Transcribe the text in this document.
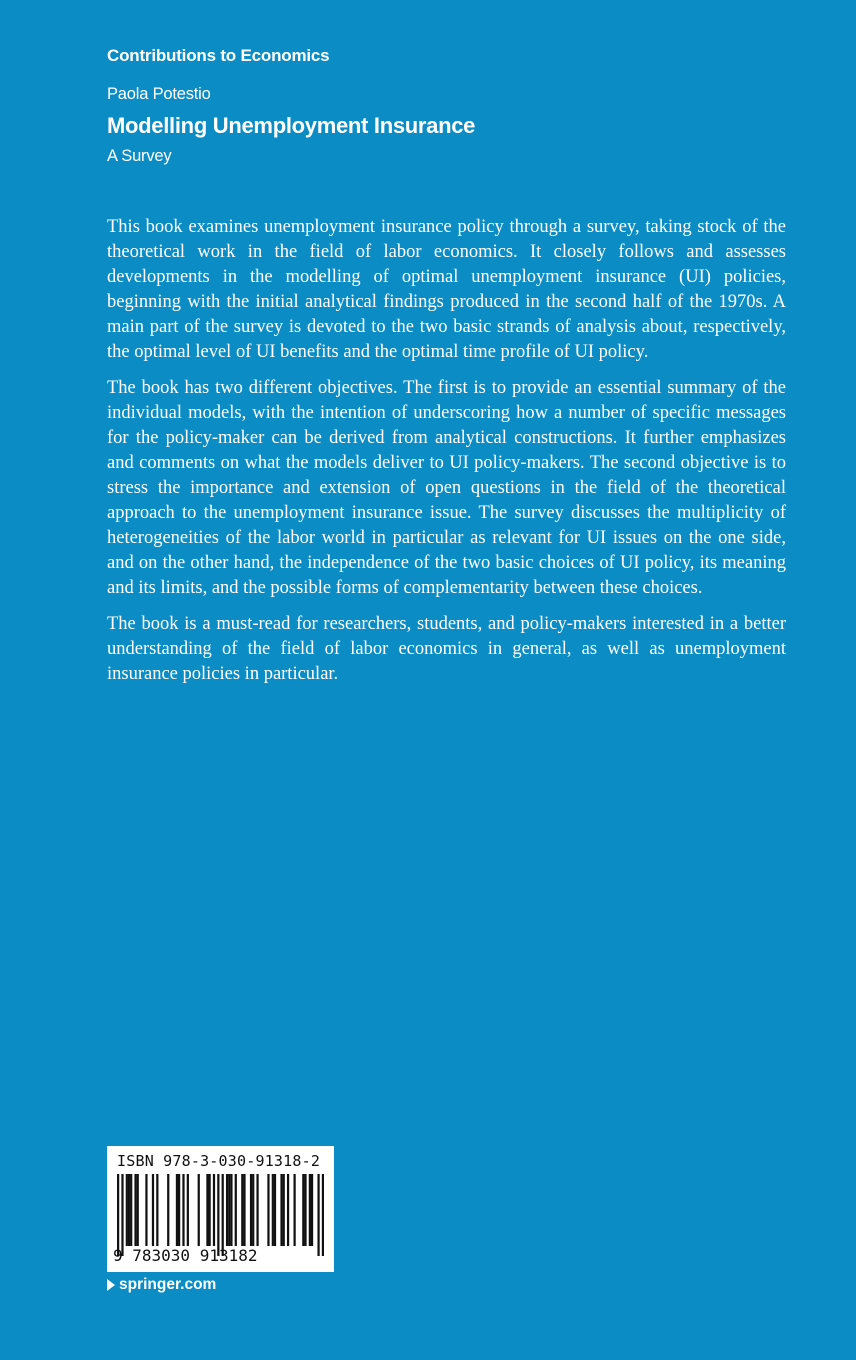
Contributions to Economics
Paola Potestio
Modelling Unemployment Insurance
A Survey

This book examines unemployment insurance policy through a survey, taking stock of the theoretical work in the field of labor economics. It closely follows and assesses developments in the modelling of optimal unemployment insurance (UI) policies, beginning with the initial analytical findings produced in the second half of the 1970s. A main part of the survey is devoted to the two basic strands of analysis about, respectively, the optimal level of UI benefits and the optimal time profile of UI policy.

The book has two different objectives. The first is to provide an essential summary of the individual models, with the intention of underscoring how a number of specific messages for the policy-maker can be derived from analytical constructions. It further emphasizes and comments on what the models deliver to UI policy-makers. The second objective is to stress the importance and extension of open questions in the field of the theoretical approach to the unemployment insurance issue. The survey discusses the multiplicity of heterogeneities of the labor world in particular as relevant for UI issues on the one side, and on the other hand, the independence of the two basic choices of UI policy, its meaning and its limits, and the possible forms of complementarity between these choices.

The book is a must-read for researchers, students, and policy-makers interested in a better understanding of the field of labor economics in general, as well as unemployment insurance policies in particular.

ISBN 978-3-030-91318-2
9 783030 913182
springer.com
